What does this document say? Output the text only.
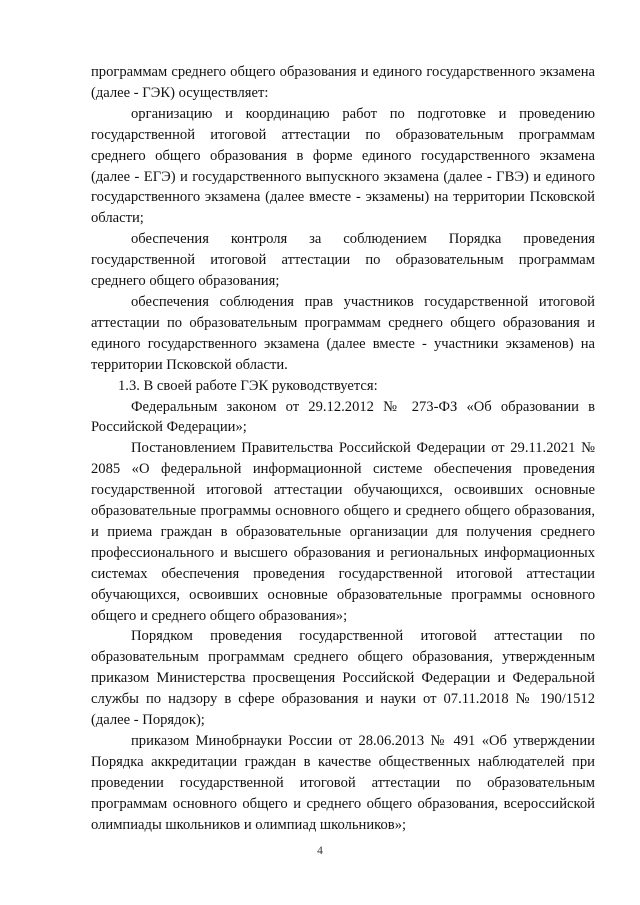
программам среднего общего образования и единого государственного экзамена (далее - ГЭК) осуществляет:

организацию и координацию работ по подготовке и проведению государственной итоговой аттестации по образовательным программам среднего общего образования в форме единого государственного экзамена (далее - ЕГЭ) и государственного выпускного экзамена (далее - ГВЭ) и единого государственного экзамена (далее вместе - экзамены) на территории Псковской области;

обеспечения контроля за соблюдением Порядка проведения государственной итоговой аттестации по образовательным программам среднего общего образования;

обеспечения соблюдения прав участников государственной итоговой аттестации по образовательным программам среднего общего образования и единого государственного экзамена (далее вместе - участники экзаменов) на территории Псковской области.

1.3. В своей работе ГЭК руководствуется:

Федеральным законом от 29.12.2012 № 273-ФЗ «Об образовании в Российской Федерации»;

Постановлением Правительства Российской Федерации от 29.11.2021 № 2085 «О федеральной информационной системе обеспечения проведения государственной итоговой аттестации обучающихся, освоивших основные образовательные программы основного общего и среднего общего образования, и приема граждан в образовательные организации для получения среднего профессионального и высшего образования и региональных информационных системах обеспечения проведения государственной итоговой аттестации обучающихся, освоивших основные образовательные программы основного общего и среднего общего образования»;

Порядком проведения государственной итоговой аттестации по образовательным программам среднего общего образования, утвержденным приказом Министерства просвещения Российской Федерации и Федеральной службы по надзору в сфере образования и науки от 07.11.2018 № 190/1512 (далее - Порядок);

приказом Минобрнауки России от 28.06.2013 № 491 «Об утверждении Порядка аккредитации граждан в качестве общественных наблюдателей при проведении государственной итоговой аттестации по образовательным программам основного общего и среднего общего образования, всероссийской олимпиады школьников и олимпиад школьников»;

4
